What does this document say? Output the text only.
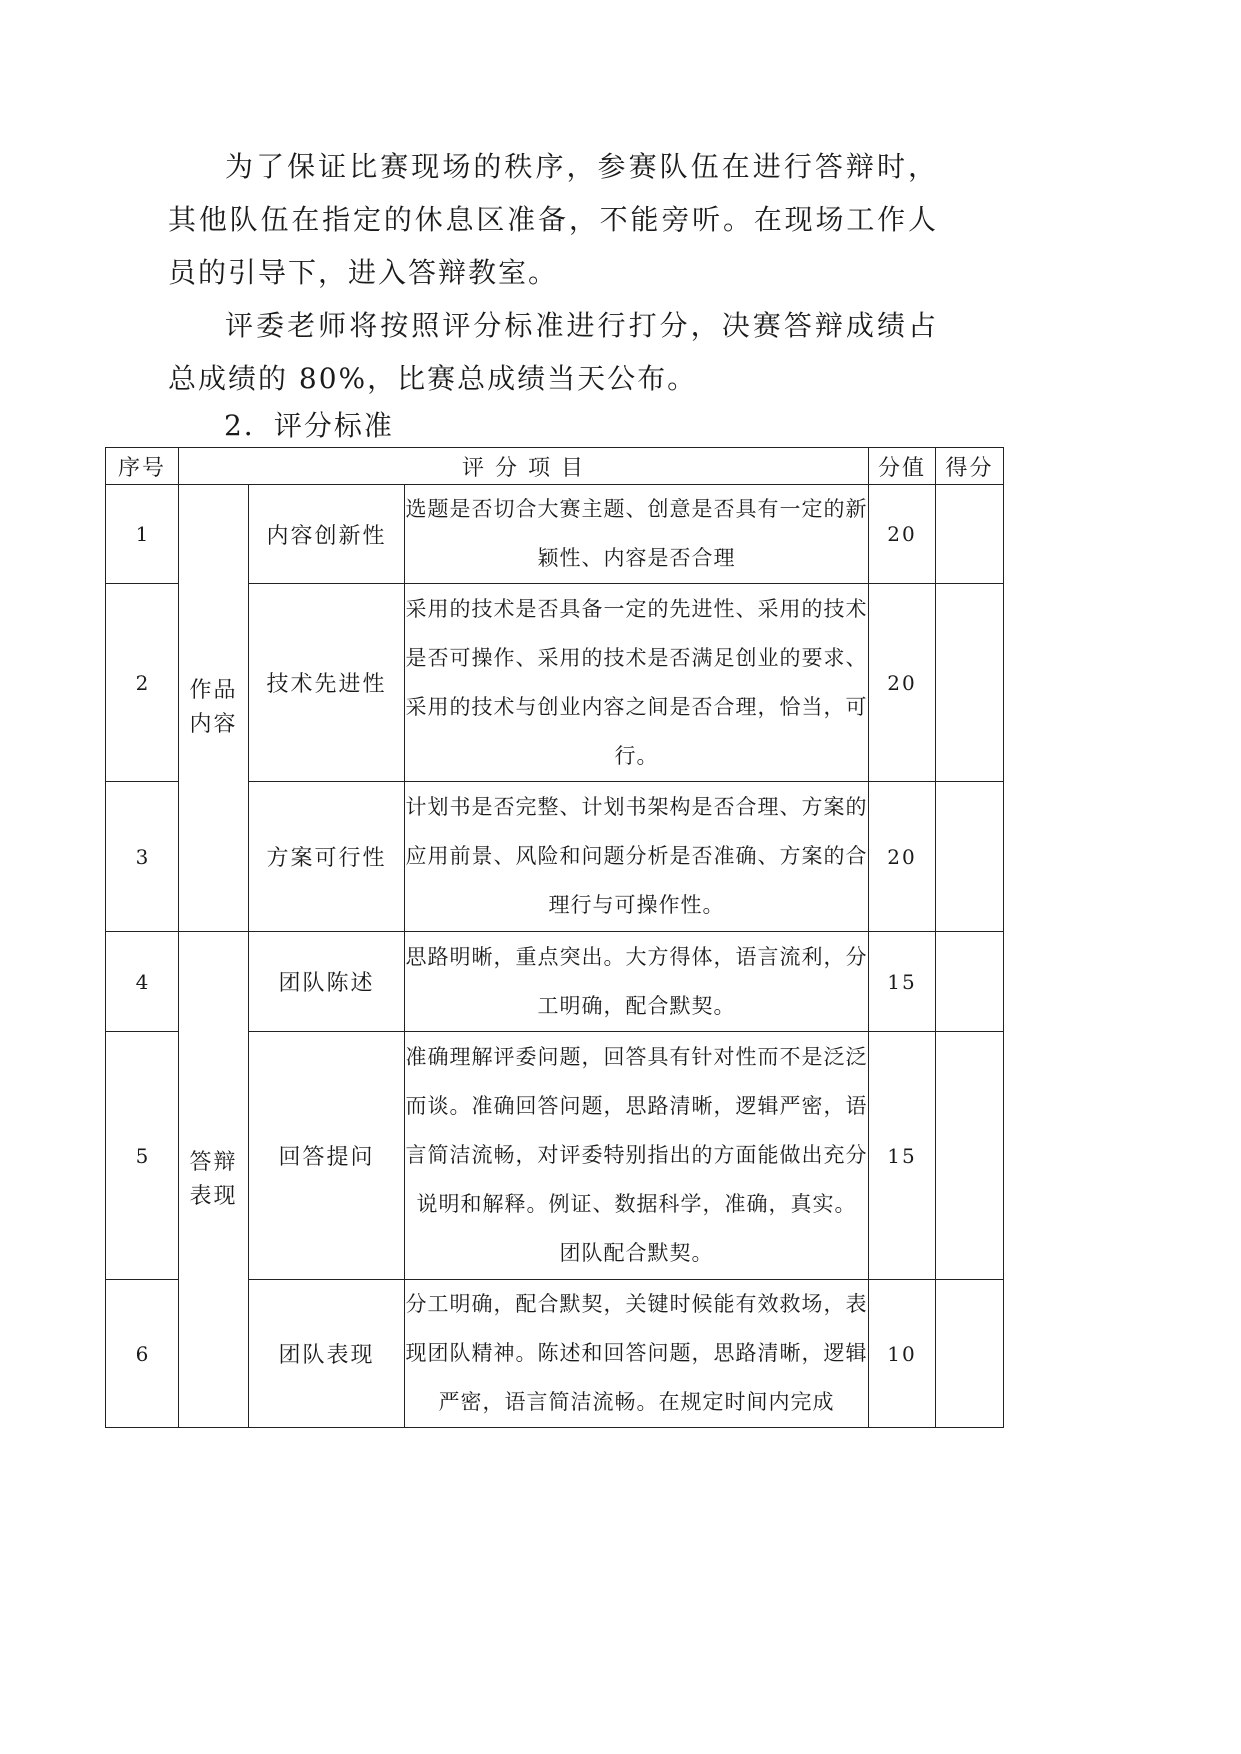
为了保证比赛现场的秩序，参赛队伍在进行答辩时，其他队伍在指定的休息区准备，不能旁听。在现场工作人员的引导下，进入答辩教室。

评委老师将按照评分标准进行打分，决赛答辩成绩占总成绩的 80%，比赛总成绩当天公布。

2．评分标准
序号	评 分 项 目			分值	得分
1	作品内容	内容创新性	选题是否切合大赛主题、创意是否具有一定的新颖性、内容是否合理	20	
2		技术先进性	采用的技术是否具备一定的先进性、采用的技术是否可操作、采用的技术是否满足创业的要求、采用的技术与创业内容之间是否合理，恰当，可行。	20	
3		方案可行性	计划书是否完整、计划书架构是否合理、方案的应用前景、风险和问题分析是否准确、方案的合理行与可操作性。	20	
4	答辩表现	团队陈述	思路明晰，重点突出。大方得体，语言流利，分工明确，配合默契。	15	
5		回答提问	准确理解评委问题，回答具有针对性而不是泛泛而谈。准确回答问题，思路清晰，逻辑严密，语言简洁流畅，对评委特别指出的方面能做出充分说明和解释。例证、数据科学，准确，真实。 团队配合默契。	15	
6		团队表现	分工明确，配合默契，关键时候能有效救场，表现团队精神。陈述和回答问题，思路清晰，逻辑严密，语言简洁流畅。在规定时间内完成	10	
